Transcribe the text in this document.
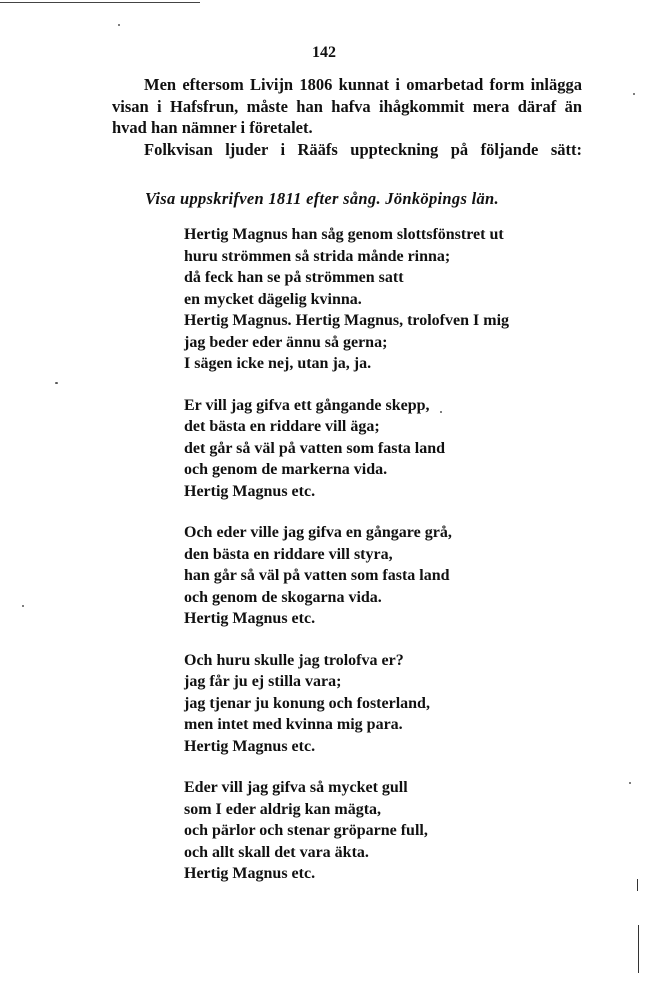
142

Men eftersom Livijn 1806 kunnat i omarbetad form inlägga visan i Hafsfrun, måste han hafva ihågkommit mera däraf än hvad han nämner i företalet.

Folkvisan ljuder i Rääfs uppteckning på följande sätt:

Visa uppskrifven 1811 efter sång. Jönköpings län.
Hertig Magnus han såg genom slottsfönstret ut
huru strömmen så strida månde rinna;
då feck han se på strömmen satt
en mycket dägelig kvinna.
Hertig Magnus. Hertig Magnus, trolofven I mig
jag beder eder ännu så gerna;
I sägen icke nej, utan ja, ja.
Er vill jag gifva ett gångande skepp,
det bästa en riddare vill äga;
det går så väl på vatten som fasta land
och genom de markerna vida.
Hertig Magnus etc.
Och eder ville jag gifva en gångare grå,
den bästa en riddare vill styra,
han går så väl på vatten som fasta land
och genom de skogarna vida.
Hertig Magnus etc.
Och huru skulle jag trolofva er?
jag får ju ej stilla vara;
jag tjenar ju konung och fosterland,
men intet med kvinna mig para.
Hertig Magnus etc.
Eder vill jag gifva så mycket gull
som I eder aldrig kan mägta,
och pärlor och stenar gröparne full,
och allt skall det vara äkta.
Hertig Magnus etc.
